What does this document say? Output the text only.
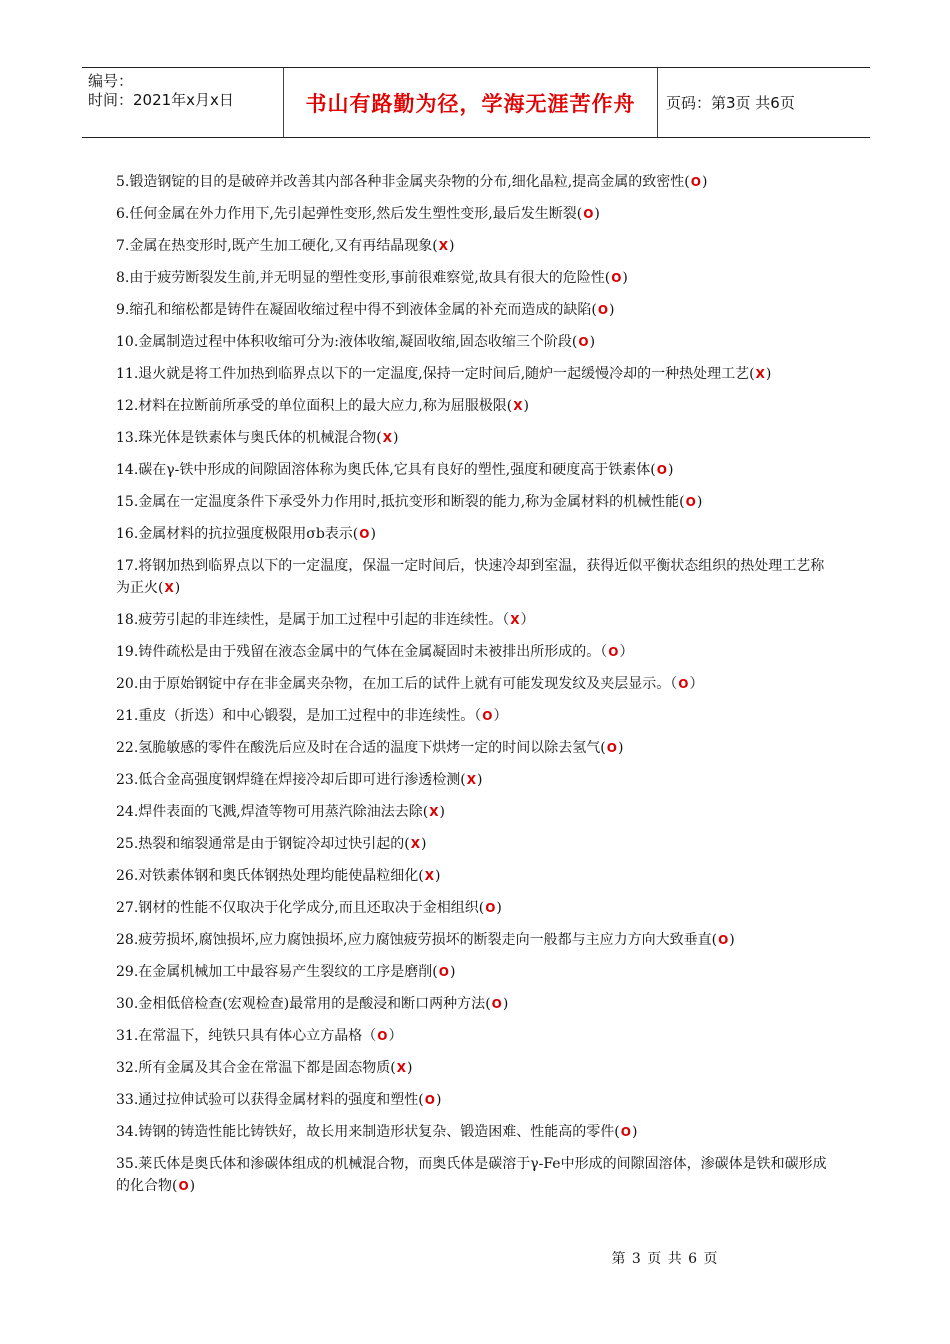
编号：
时间：2021年x月x日	书山有路勤为径，学海无涯苦作舟 页码：第3页 共6页
5.锻造钢锭的目的是破碎并改善其内部各种非金属夹杂物的分布,细化晶粒,提高金属的致密性(O)
6.任何金属在外力作用下,先引起弹性变形,然后发生塑性变形,最后发生断裂(O)
7.金属在热变形时,既产生加工硬化,又有再结晶现象(X)
8.由于疲劳断裂发生前,并无明显的塑性变形,事前很难察觉,故具有很大的危险性(O)
9.缩孔和缩松都是铸件在凝固收缩过程中得不到液体金属的补充而造成的缺陷(O)
10.金属制造过程中体积收缩可分为:液体收缩,凝固收缩,固态收缩三个阶段(O)
11.退火就是将工件加热到临界点以下的一定温度,保持一定时间后,随炉一起缓慢冷却的一种热处理工艺(X)
12.材料在拉断前所承受的单位面积上的最大应力,称为屈服极限(X)
13.珠光体是铁素体与奥氏体的机械混合物(X)
14.碳在γ-铁中形成的间隙固溶体称为奥氏体,它具有良好的塑性,强度和硬度高于铁素体(O)
15.金属在一定温度条件下承受外力作用时,抵抗变形和断裂的能力,称为金属材料的机械性能(O)
16.金属材料的抗拉强度极限用σb表示(O)
17.将钢加热到临界点以下的一定温度，保温一定时间后，快速冷却到室温，获得近似平衡状态组织的热处理工艺称为正火(X)
18.疲劳引起的非连续性，是属于加工过程中引起的非连续性。（X）
19.铸件疏松是由于残留在液态金属中的气体在金属凝固时未被排出所形成的。（O）
20.由于原始钢锭中存在非金属夹杂物，在加工后的试件上就有可能发现发纹及夹层显示。（O）
21.重皮（折迭）和中心锻裂，是加工过程中的非连续性。（O）
22.氢脆敏感的零件在酸洗后应及时在合适的温度下烘烤一定的时间以除去氢气(O)
23.低合金高强度钢焊缝在焊接冷却后即可进行渗透检测(X)
24.焊件表面的飞溅,焊渣等物可用蒸汽除油法去除(X)
25.热裂和缩裂通常是由于钢锭冷却过快引起的(X)
26.对铁素体钢和奥氏体钢热处理均能使晶粒细化(X)
27.钢材的性能不仅取决于化学成分,而且还取决于金相组织(O)
28.疲劳损坏,腐蚀损坏,应力腐蚀损坏,应力腐蚀疲劳损坏的断裂走向一般都与主应力方向大致垂直(O)
29.在金属机械加工中最容易产生裂纹的工序是磨削(O)
30.金相低倍检查(宏观检查)最常用的是酸浸和断口两种方法(O)
31.在常温下，纯铁只具有体心立方晶格（O）
32.所有金属及其合金在常温下都是固态物质(X)
33.通过拉伸试验可以获得金属材料的强度和塑性(O)
34.铸钢的铸造性能比铸铁好，故长用来制造形状复杂、锻造困难、性能高的零件(O)
35.莱氏体是奥氏体和渗碳体组成的机械混合物，而奥氏体是碳溶于γ-Fe中形成的间隙固溶体，渗碳体是铁和碳形成的化合物(O)
第 3 页 共 6 页
